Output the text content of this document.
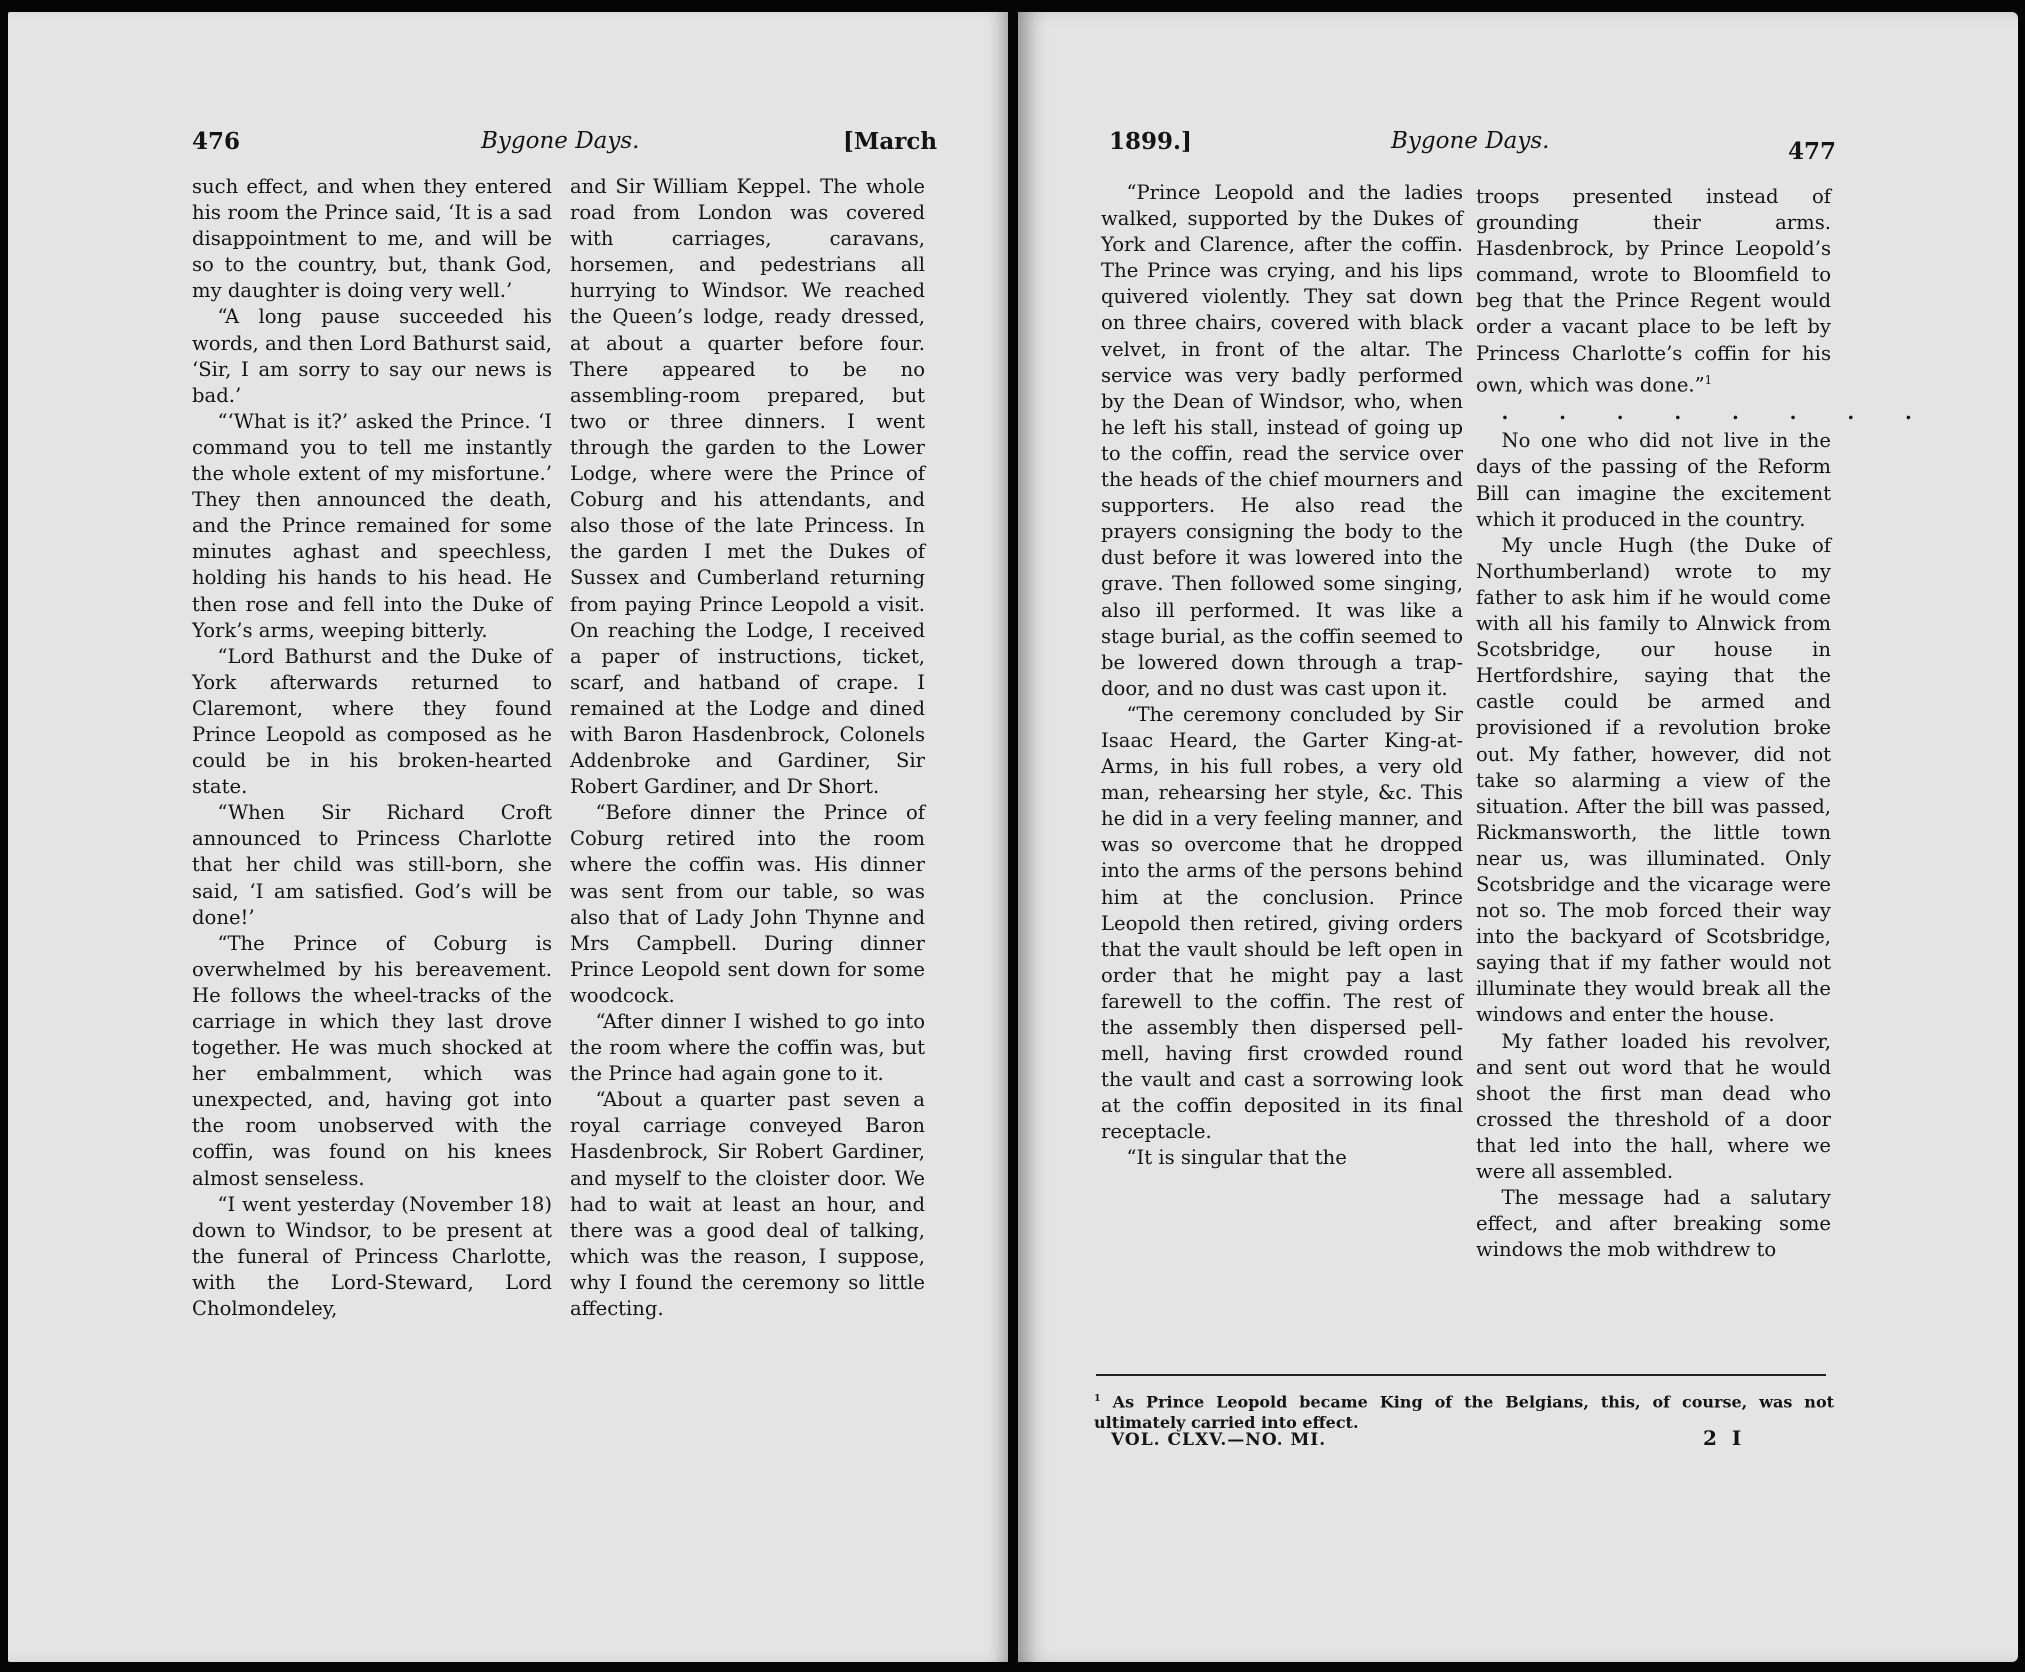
476	Bygone Days.	[March

such effect, and when they entered his room the Prince said, ‘It is a sad disappointment to me, and will be so to the country, but, thank God, my daughter is doing very well.’

“A long pause succeeded his words, and then Lord Bathurst said, ‘Sir, I am sorry to say our news is bad.’

“‘What is it?’ asked the Prince. ‘I command you to tell me instantly the whole extent of my misfortune.’ They then announced the death, and the Prince remained for some minutes aghast and speechless, holding his hands to his head. He then rose and fell into the Duke of York’s arms, weeping bitterly.

“Lord Bathurst and the Duke of York afterwards returned to Claremont, where they found Prince Leopold as composed as he could be in his broken-hearted state.

“When Sir Richard Croft announced to Princess Charlotte that her child was still-born, she said, ‘I am satisfied. God’s will be done!’

“The Prince of Coburg is overwhelmed by his bereavement. He follows the wheel-tracks of the carriage in which they last drove together. He was much shocked at her embalmment, which was unexpected, and, having got into the room unobserved with the coffin, was found on his knees almost senseless.

“I went yesterday (November 18) down to Windsor, to be present at the funeral of Princess Charlotte, with the Lord-Steward, Lord Cholmondeley,

and Sir William Keppel. The whole road from London was covered with carriages, caravans, horsemen, and pedestrians all hurrying to Windsor. We reached the Queen’s lodge, ready dressed, at about a quarter before four. There appeared to be no assembling-room prepared, but two or three dinners. I went through the garden to the Lower Lodge, where were the Prince of Coburg and his attendants, and also those of the late Princess. In the garden I met the Dukes of Sussex and Cumberland returning from paying Prince Leopold a visit. On reaching the Lodge, I received a paper of instructions, ticket, scarf, and hatband of crape. I remained at the Lodge and dined with Baron Hasdenbrock, Colonels Addenbroke and Gardiner, Sir Robert Gardiner, and Dr Short.

“Before dinner the Prince of Coburg retired into the room where the coffin was. His dinner was sent from our table, so was also that of Lady John Thynne and Mrs Campbell. During dinner Prince Leopold sent down for some woodcock.

“After dinner I wished to go into the room where the coffin was, but the Prince had again gone to it.

“About a quarter past seven a royal carriage conveyed Baron Hasdenbrock, Sir Robert Gardiner, and myself to the cloister door. We had to wait at least an hour, and there was a good deal of talking, which was the reason, I suppose, why I found the ceremony so little affecting.

1899.]	Bygone Days.	477

“Prince Leopold and the ladies walked, supported by the Dukes of York and Clarence, after the coffin. The Prince was crying, and his lips quivered violently. They sat down on three chairs, covered with black velvet, in front of the altar. The service was very badly performed by the Dean of Windsor, who, when he left his stall, instead of going up to the coffin, read the service over the heads of the chief mourners and supporters. He also read the prayers consigning the body to the dust before it was lowered into the grave. Then followed some singing, also ill performed. It was like a stage burial, as the coffin seemed to be lowered down through a trap-door, and no dust was cast upon it.

“The ceremony concluded by Sir Isaac Heard, the Garter King-at-Arms, in his full robes, a very old man, rehearsing her style, &c. This he did in a very feeling manner, and was so overcome that he dropped into the arms of the persons behind him at the conclusion. Prince Leopold then retired, giving orders that the vault should be left open in order that he might pay a last farewell to the coffin. The rest of the assembly then dispersed pell-mell, having first crowded round the vault and cast a sorrowing look at the coffin deposited in its final receptacle.

“It is singular that the

troops presented instead of grounding their arms. Hasdenbrock, by Prince Leopold’s command, wrote to Bloomfield to beg that the Prince Regent would order a vacant place to be left by Princess Charlotte’s coffin for his own, which was done.”$^1$

. . . . . . . .

No one who did not live in the days of the passing of the Reform Bill can imagine the excitement which it produced in the country.

My uncle Hugh (the Duke of Northumberland) wrote to my father to ask him if he would come with all his family to Alnwick from Scotsbridge, our house in Hertfordshire, saying that the castle could be armed and provisioned if a revolution broke out. My father, however, did not take so alarming a view of the situation. After the bill was passed, Rickmansworth, the little town near us, was illuminated. Only Scotsbridge and the vicarage were not so. The mob forced their way into the backyard of Scotsbridge, saying that if my father would not illuminate they would break all the windows and enter the house.

My father loaded his revolver, and sent out word that he would shoot the first man dead who crossed the threshold of a door that led into the hall, where we were all assembled.

The message had a salutary effect, and after breaking some windows the mob withdrew to

$^1$ As Prince Leopold became King of the Belgians, this, of course, was not ultimately carried into effect.
VOL. CLXV.—NO. MI.	2 I
